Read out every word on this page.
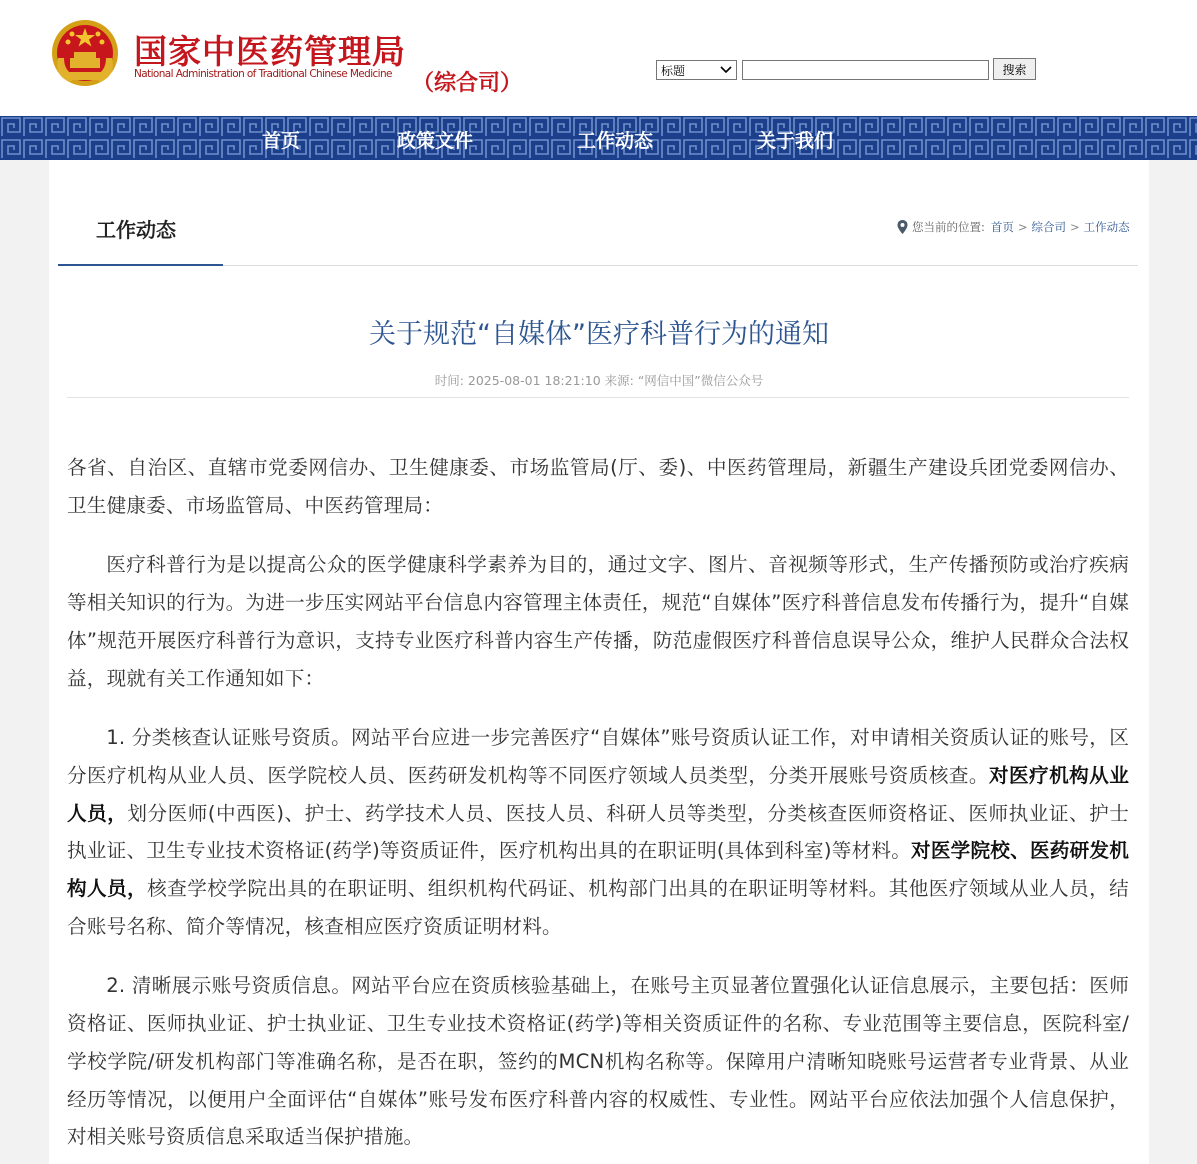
国家中医药管理局
National Administration of Traditional Chinese Medicine （综合司）
标题	搜索
首页	政策文件	工作动态	关于我们
工作动态	您当前的位置: 首页 > 综合司 > 工作动态
关于规范“自媒体”医疗科普行为的通知
时间: 2025-08-01 18:21:10 来源: “网信中国”微信公众号

各省、自治区、直辖市党委网信办、卫生健康委、市场监管局(厅、委)、中医药管理局，新疆生产建设兵团党委网信办、卫生健康委、市场监管局、中医药管理局：

医疗科普行为是以提高公众的医学健康科学素养为目的，通过文字、图片、音视频等形式，生产传播预防或治疗疾病等相关知识的行为。为进一步压实网站平台信息内容管理主体责任，规范“自媒体”医疗科普信息发布传播行为，提升“自媒体”规范开展医疗科普行为意识，支持专业医疗科普内容生产传播，防范虚假医疗科普信息误导公众，维护人民群众合法权益，现就有关工作通知如下：

1. 分类核查认证账号资质。网站平台应进一步完善医疗“自媒体”账号资质认证工作，对申请相关资质认证的账号，区分医疗机构从业人员、医学院校人员、医药研发机构等不同医疗领域人员类型，分类开展账号资质核查。对医疗机构从业人员，划分医师(中西医)、护士、药学技术人员、医技人员、科研人员等类型，分类核查医师资格证、医师执业证、护士执业证、卫生专业技术资格证(药学)等资质证件，医疗机构出具的在职证明(具体到科室)等材料。对医学院校、医药研发机构人员，核查学校学院出具的在职证明、组织机构代码证、机构部门出具的在职证明等材料。其他医疗领域从业人员，结合账号名称、简介等情况，核查相应医疗资质证明材料。

2. 清晰展示账号资质信息。网站平台应在资质核验基础上，在账号主页显著位置强化认证信息展示，主要包括：医师资格证、医师执业证、护士执业证、卫生专业技术资格证(药学)等相关资质证件的名称、专业范围等主要信息，医院科室/学校学院/研发机构部门等准确名称，是否在职，签约的MCN机构名称等。保障用户清晰知晓账号运营者专业背景、从业经历等情况，以便用户全面评估“自媒体”账号发布医疗科普内容的权威性、专业性。网站平台应依法加强个人信息保护，对相关账号资质信息采取适当保护措施。
